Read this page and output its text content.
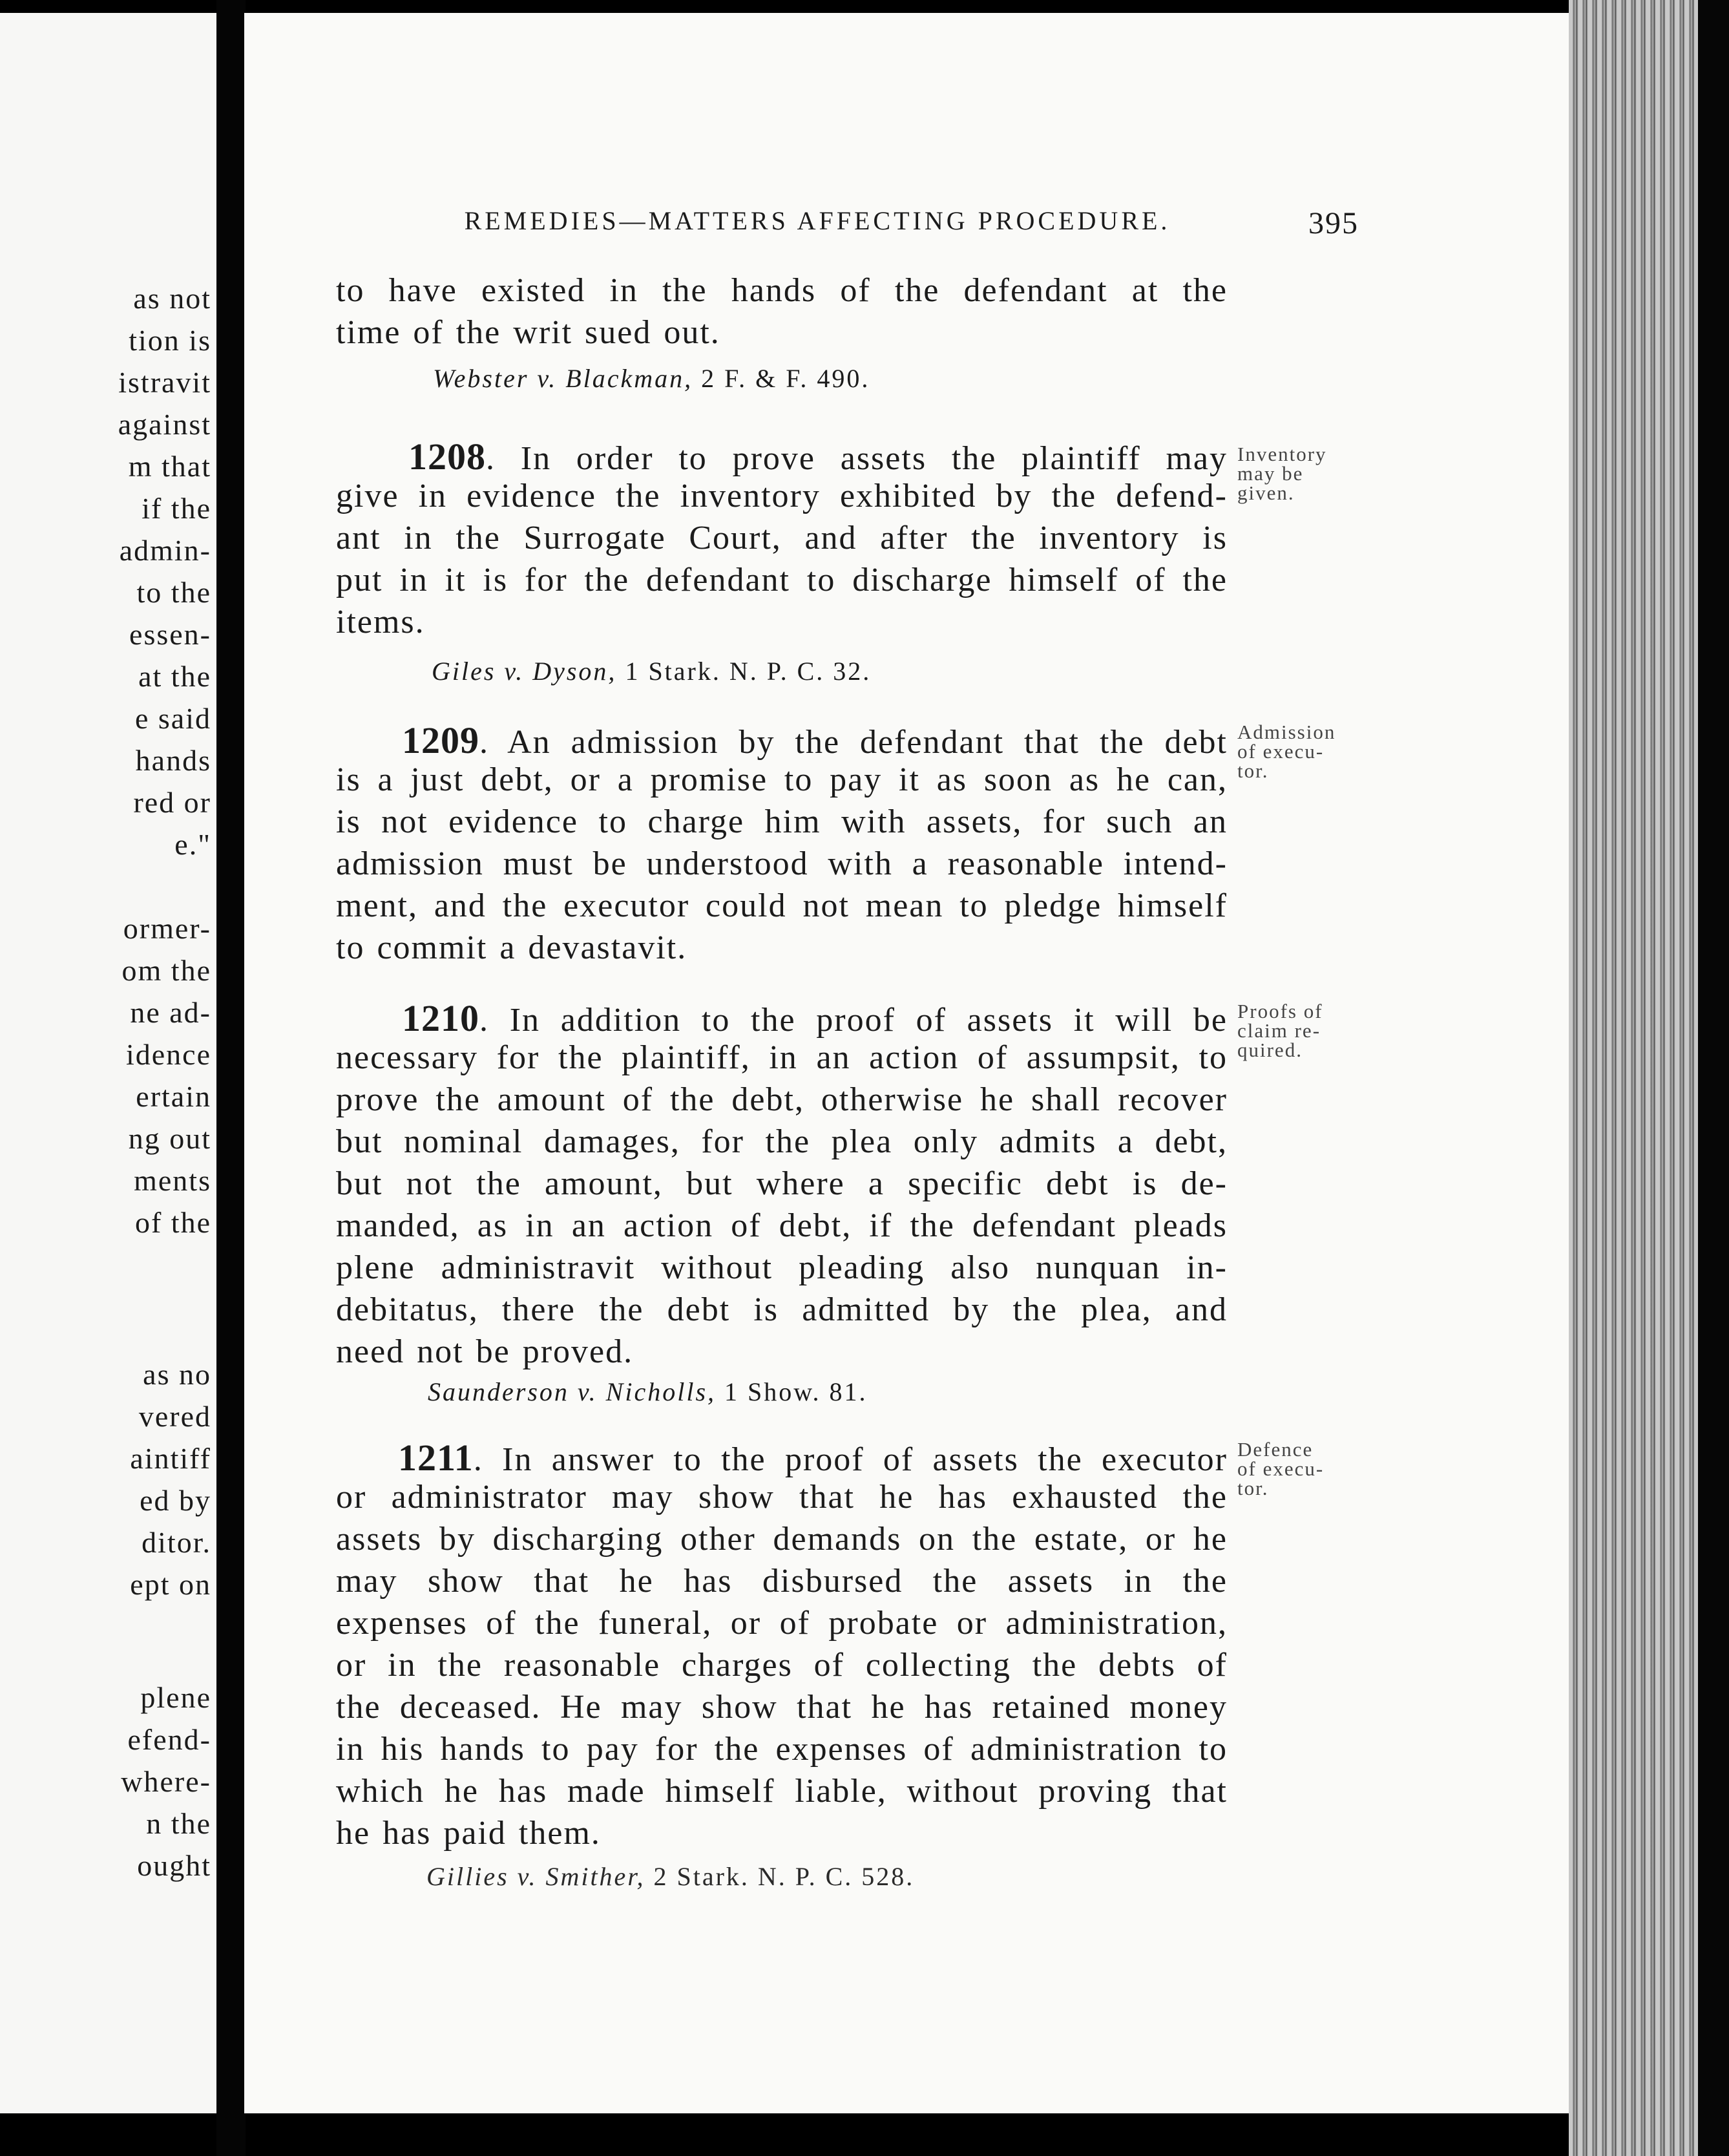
as not
tion is
istravit
against
m that
if the
admin-
to the
essen-
at the
e said
hands
red or
e."
ormer-
om the
ne ad-
idence
ertain
ng out
ments
of the
as no
vered
aintiff
ed by
ditor.
ept on
plene
efend-
where-
n the
ought
REMEDIES—MATTERS AFFECTING PROCEDURE.	395
to have existed in the hands of the defendant at the
time of the writ sued out.
Webster v. Blackman, 2 F. & F. 490.
1208. In order to prove assets the plaintiff may
give in evidence the inventory exhibited by the defend-
ant in the Surrogate Court, and after the inventory is
put in it is for the defendant to discharge himself of the
items.
Giles v. Dyson, 1 Stark. N. P. C. 32.
Inventory
may be
given.
1209. An admission by the defendant that the debt
is a just debt, or a promise to pay it as soon as he can,
is not evidence to charge him with assets, for such an
admission must be understood with a reasonable intend-
ment, and the executor could not mean to pledge himself
to commit a devastavit.
Admission
of execu-
tor.
1210. In addition to the proof of assets it will be
necessary for the plaintiff, in an action of assumpsit, to
prove the amount of the debt, otherwise he shall recover
but nominal damages, for the plea only admits a debt,
but not the amount, but where a specific debt is de-
manded, as in an action of debt, if the defendant pleads
plene administravit without pleading also nunquan in-
debitatus, there the debt is admitted by the plea, and
need not be proved.
Saunderson v. Nicholls, 1 Show. 81.
Proofs of
claim re-
quired.
1211. In answer to the proof of assets the executor
or administrator may show that he has exhausted the
assets by discharging other demands on the estate, or he
may show that he has disbursed the assets in the
expenses of the funeral, or of probate or administration,
or in the reasonable charges of collecting the debts of
the deceased. He may show that he has retained money
in his hands to pay for the expenses of administration to
which he has made himself liable, without proving that
he has paid them.
Gillies v. Smither, 2 Stark. N. P. C. 528.
Defence
of execu-
tor.
